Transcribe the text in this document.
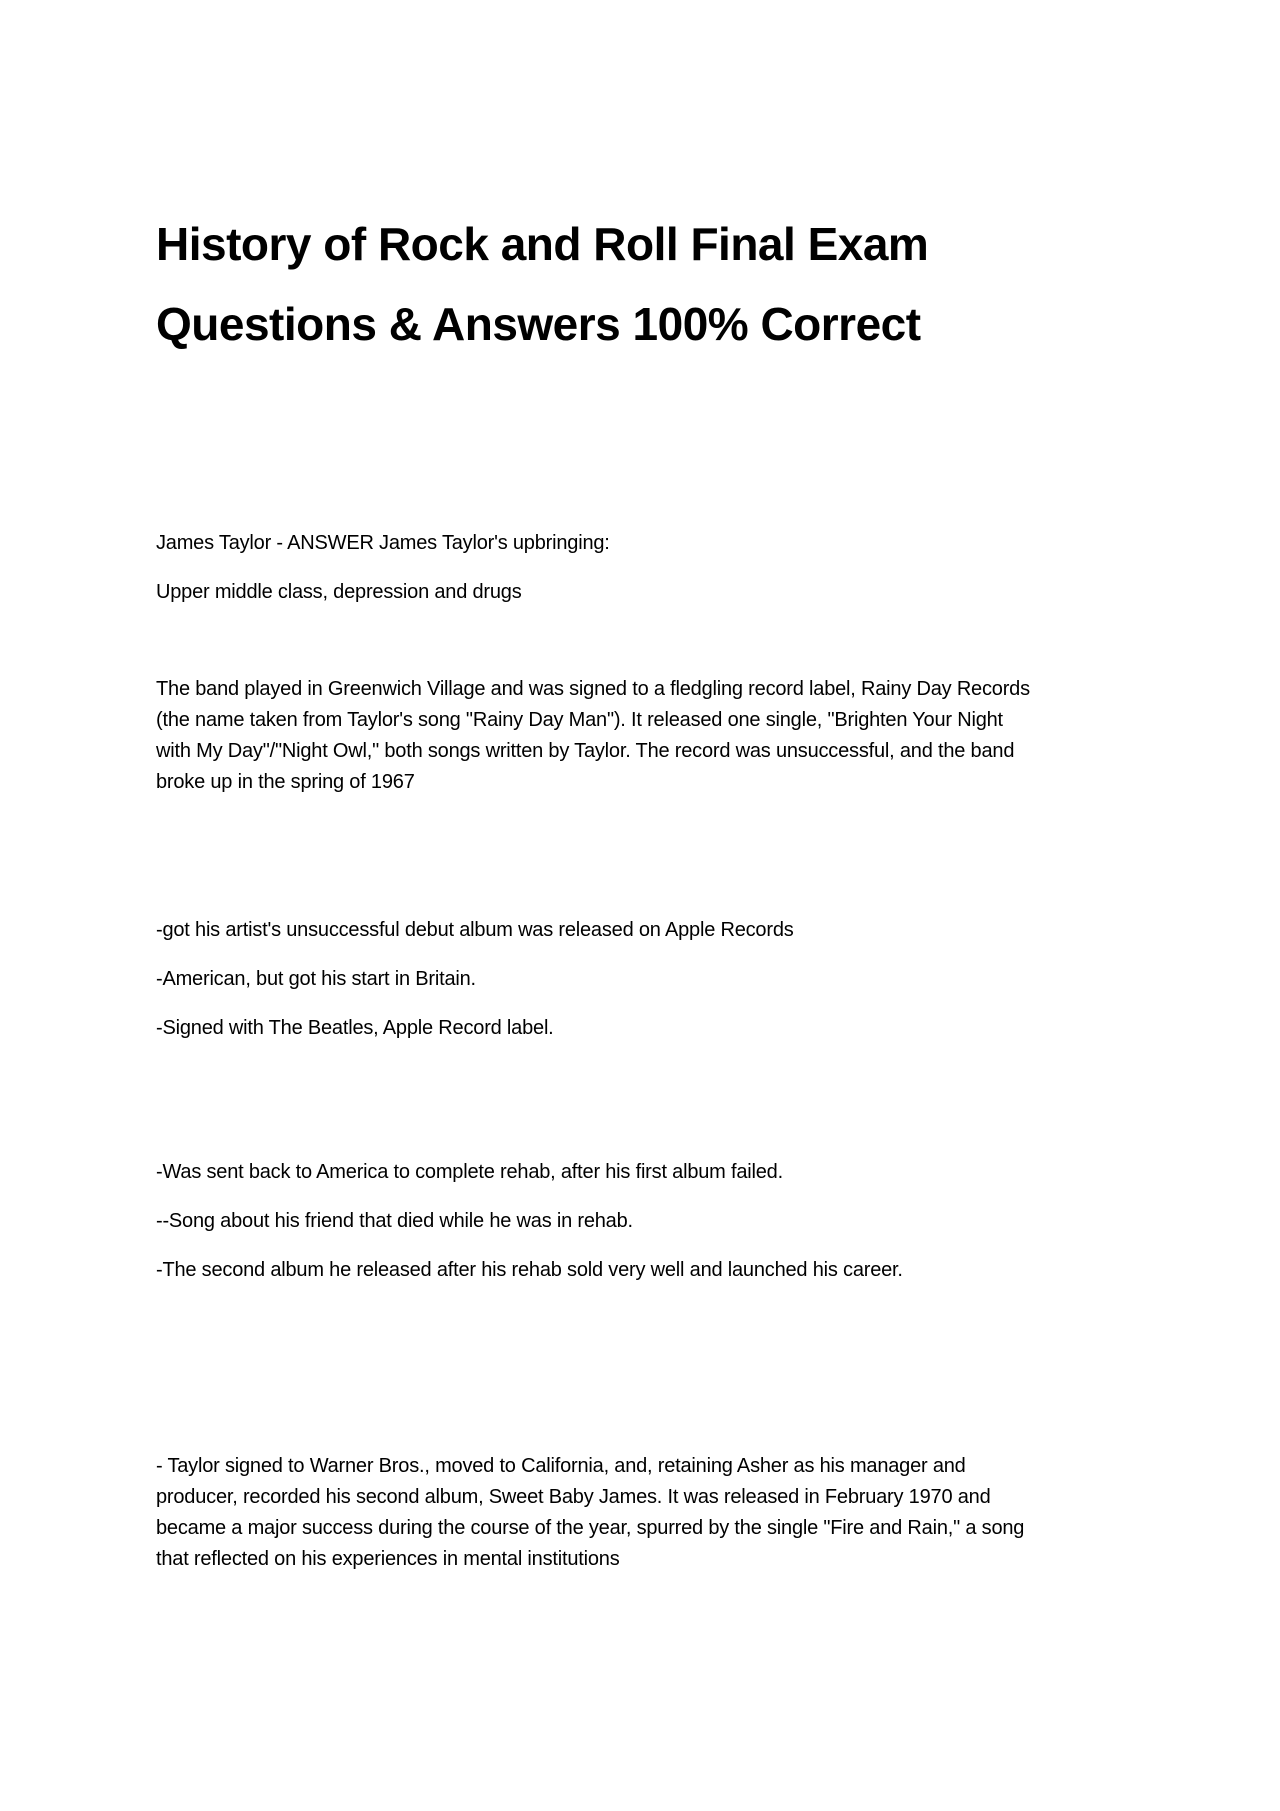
History of Rock and Roll Final Exam
Questions & Answers 100% Correct
James Taylor - ANSWER James Taylor's upbringing:
Upper middle class, depression and drugs
The band played in Greenwich Village and was signed to a fledgling record label, Rainy Day Records
(the name taken from Taylor's song "Rainy Day Man"). It released one single, "Brighten Your Night
with My Day"/"Night Owl," both songs written by Taylor. The record was unsuccessful, and the band
broke up in the spring of 1967
-got his artist's unsuccessful debut album was released on Apple Records
-American, but got his start in Britain.
-Signed with The Beatles, Apple Record label.
-Was sent back to America to complete rehab, after his first album failed.
--Song about his friend that died while he was in rehab.
-The second album he released after his rehab sold very well and launched his career.
- Taylor signed to Warner Bros., moved to California, and, retaining Asher as his manager and
producer, recorded his second album, Sweet Baby James. It was released in February 1970 and
became a major success during the course of the year, spurred by the single "Fire and Rain," a song
that reflected on his experiences in mental institutions
